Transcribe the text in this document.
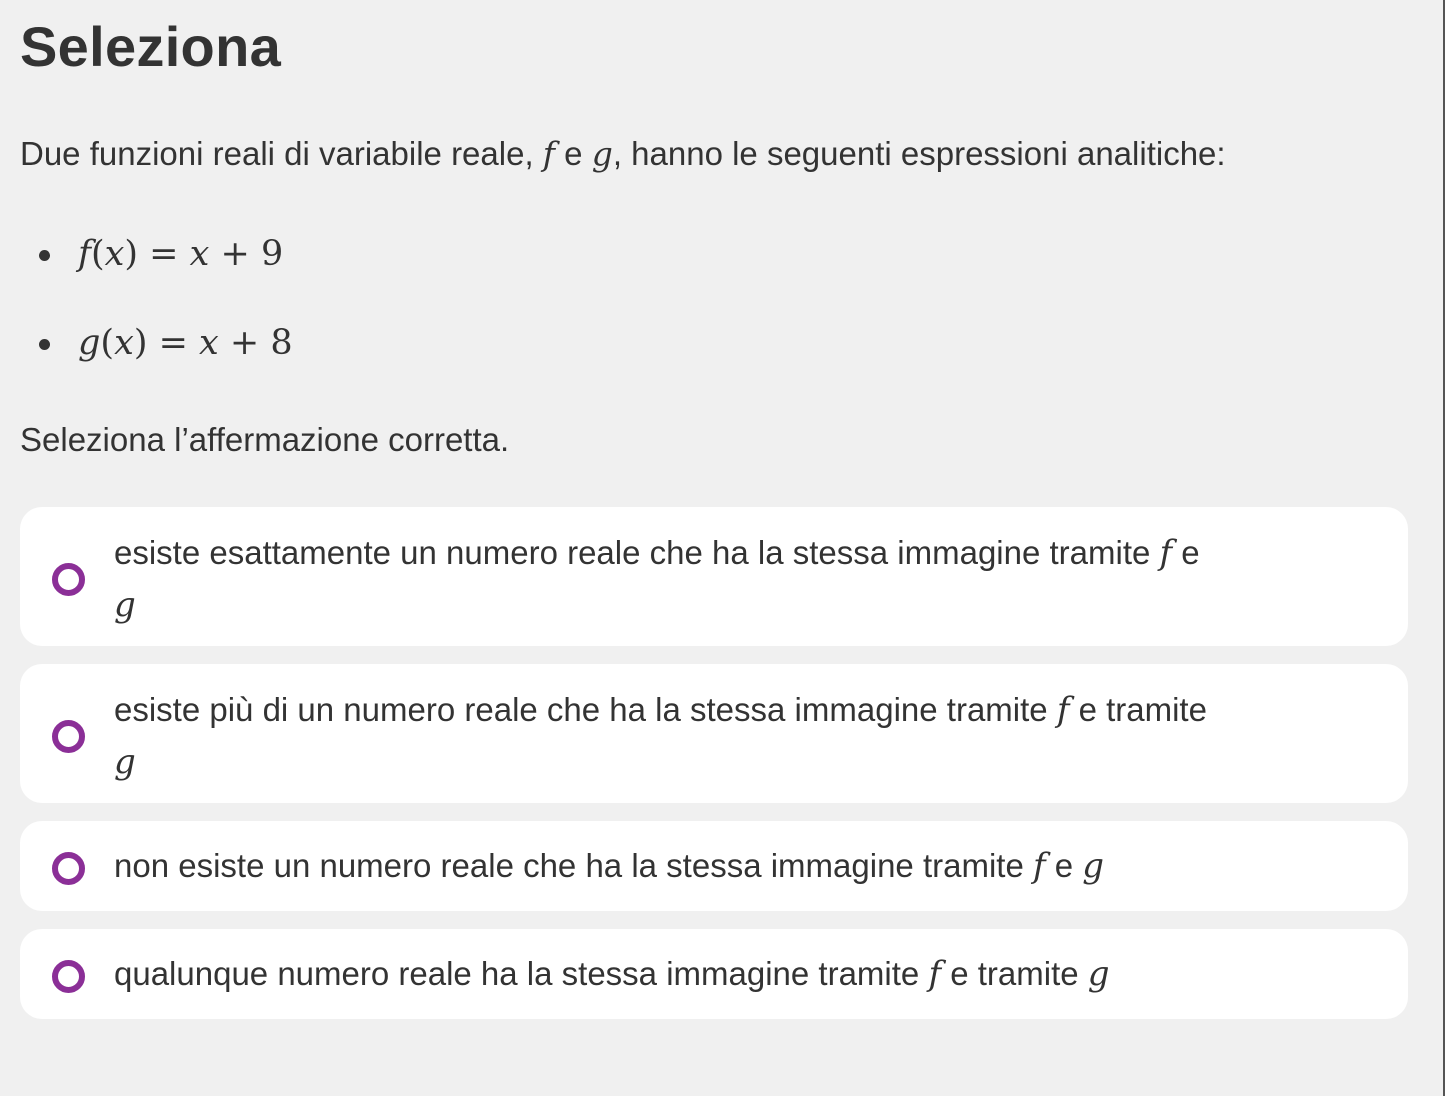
Seleziona

Due funzioni reali di variabile reale, f e g, hanno le seguenti espressioni analitiche:

f(x) = x + 9
g(x) = x + 8

Seleziona l’affermazione corretta.

esiste esattamente un numero reale che ha la stessa immagine tramite f e
g
esiste più di un numero reale che ha la stessa immagine tramite f e tramite
g
non esiste un numero reale che ha la stessa immagine tramite f e g
qualunque numero reale ha la stessa immagine tramite f e tramite g
